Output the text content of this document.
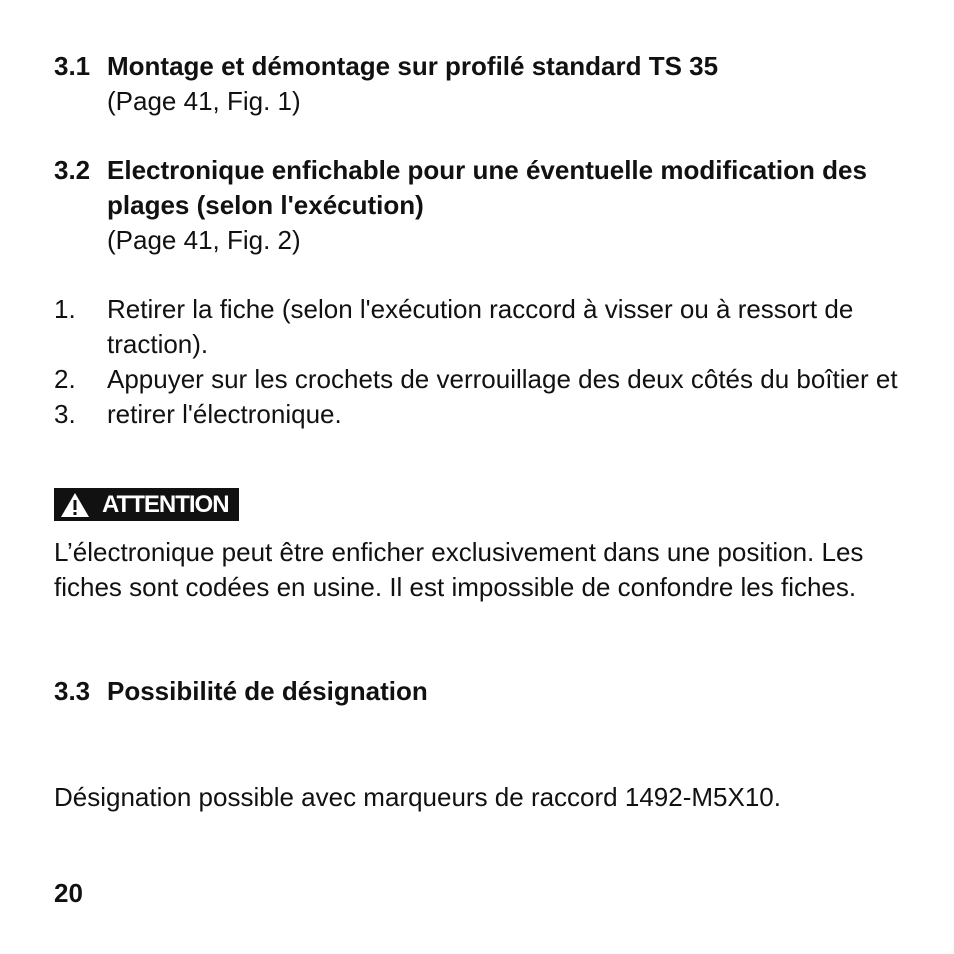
3.1 Montage et démontage sur profilé standard TS 35
(Page 41, Fig. 1)
3.2 Electronique enfichable pour une éventuelle modification des plages (selon l'exécution)
(Page 41, Fig. 2)
1.	Retirer la fiche (selon l'exécution raccord à visser ou à ressort de traction).
2.	Appuyer sur les crochets de verrouillage des deux côtés du boîtier et
3.	retirer l'électronique.
ATTENTION
L’électronique peut être enficher exclusivement dans une position. Les fiches sont codées en usine. Il est impossible de confondre les fiches.
3.3 Possibilité de désignation
Désignation possible avec marqueurs de raccord 1492-M5X10.
20
